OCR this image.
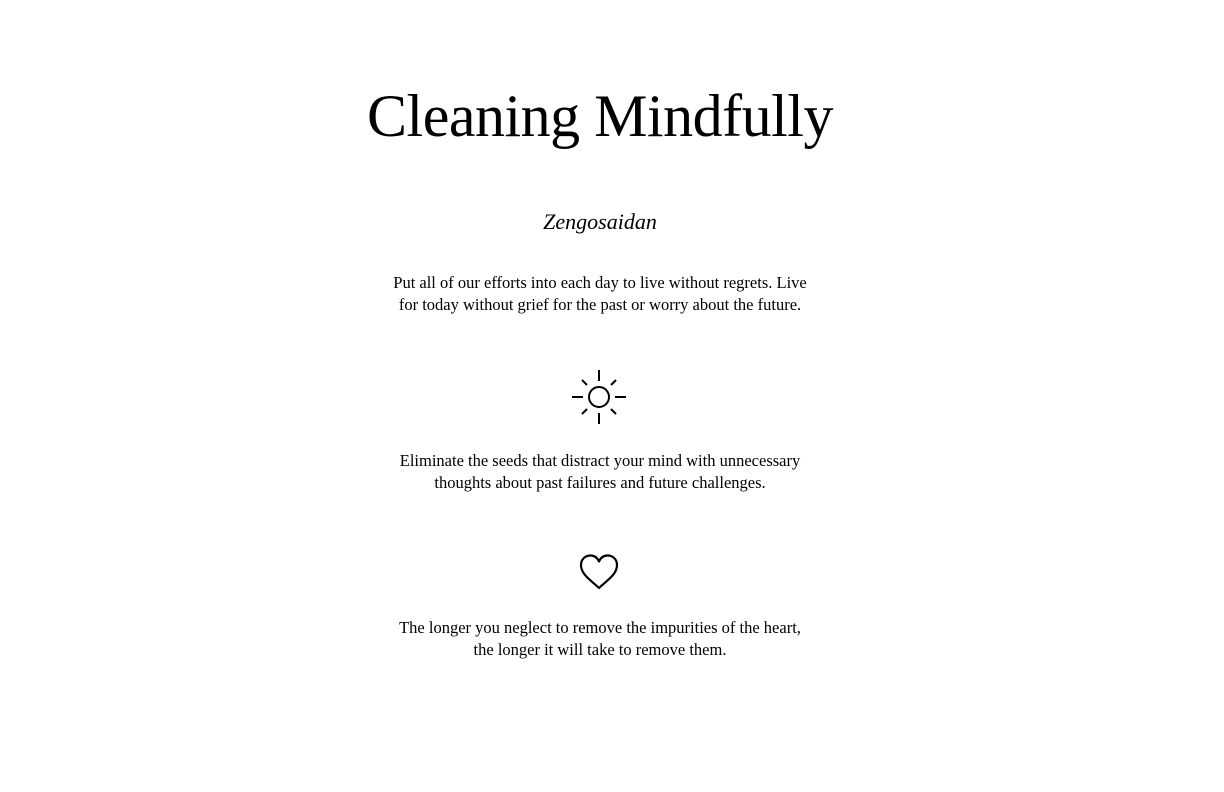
Cleaning Mindfully

Zengosaidan

Put all of our efforts into each day to live without regrets. Live for today without grief for the past or worry about the future.

Eliminate the seeds that distract your mind with unnecessary thoughts about past failures and future challenges.

The longer you neglect to remove the impurities of the heart, the longer it will take to remove them.
